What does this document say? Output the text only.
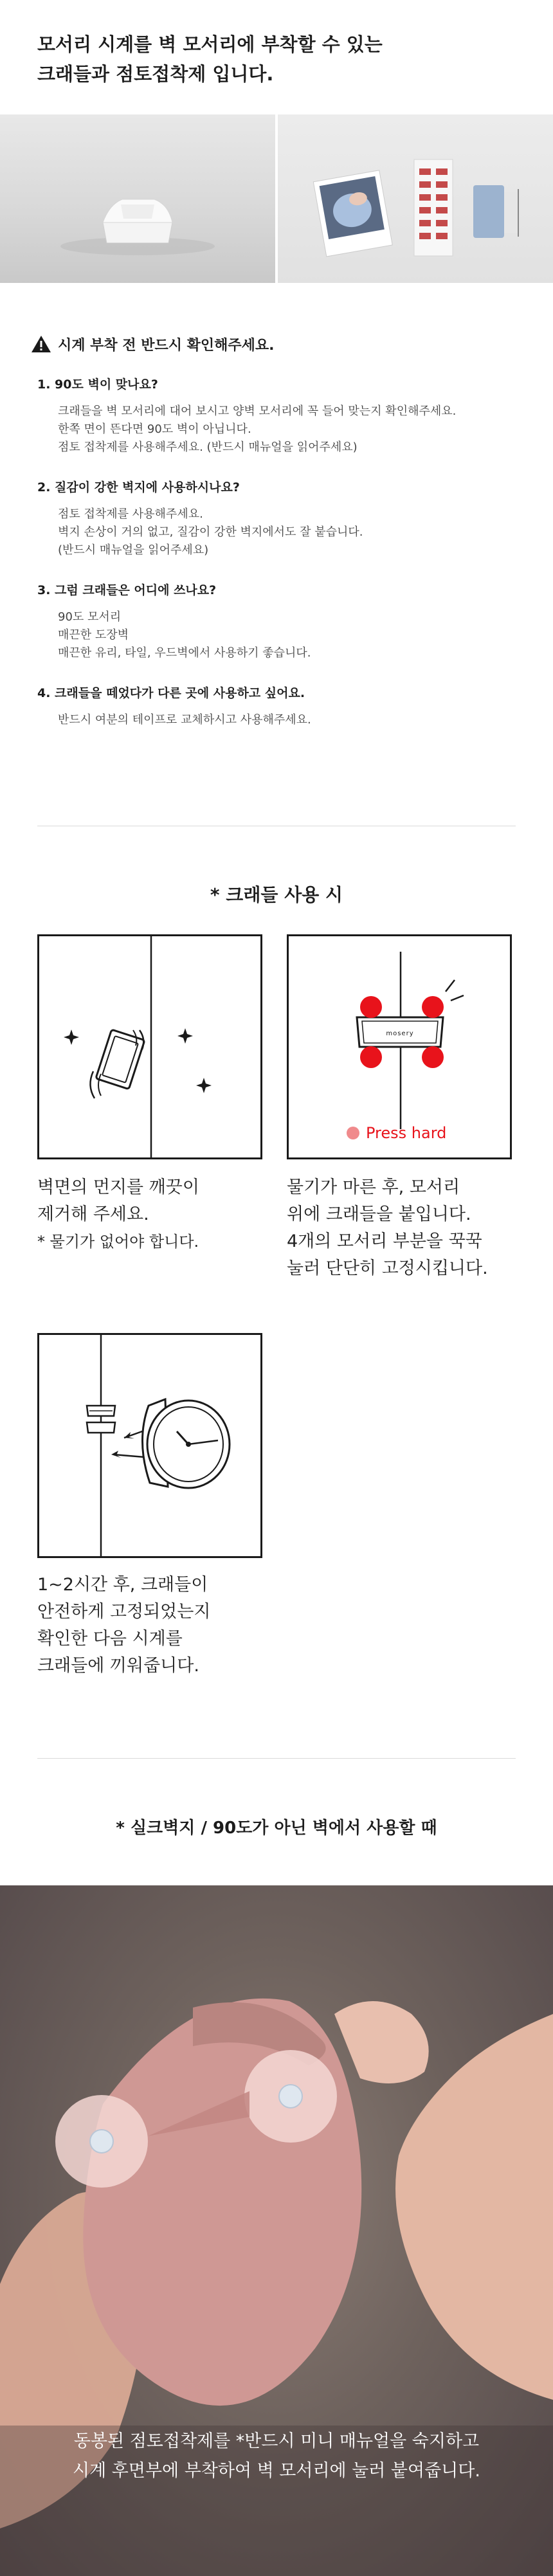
모서리 시계를 벽 모서리에 부착할 수 있는
크래들과 점토접착제 입니다.
시계 부착 전 반드시 확인해주세요.
1. 90도 벽이 맞나요?
크래들을 벽 모서리에 대어 보시고 양벽 모서리에 꼭 들어 맞는지 확인해주세요.
한쪽 면이 뜬다면 90도 벽이 아닙니다.
점토 접착제를 사용해주세요. (반드시 매뉴얼을 읽어주세요)
2. 질감이 강한 벽지에 사용하시나요?
점토 접착제를 사용해주세요.
벽지 손상이 거의 없고, 질감이 강한 벽지에서도 잘 붙습니다.
(반드시 매뉴얼을 읽어주세요)
3. 그럼 크래들은 어디에 쓰나요?
90도 모서리
매끈한 도장벽
매끈한 유리, 타일, 우드벽에서 사용하기 좋습니다.
4. 크래들을 떼었다가 다른 곳에 사용하고 싶어요.
반드시 여분의 테이프로 교체하시고 사용해주세요.
* 크래들 사용 시
mosery
Press hard
벽면의 먼지를 깨끗이
제거해 주세요.
* 물기가 없어야 합니다.
물기가 마른 후, 모서리
위에 크래들을 붙입니다.
4개의 모서리 부분을 꾹꾹
눌러 단단히 고정시킵니다.
1~2시간 후, 크래들이
안전하게 고정되었는지
확인한 다음 시계를
크래들에 끼워줍니다.
* 실크벽지 / 90도가 아닌 벽에서 사용할 때
동봉된 점토접착제를 *반드시 미니 매뉴얼을 숙지하고
시계 후면부에 부착하여 벽 모서리에 눌러 붙여줍니다.
